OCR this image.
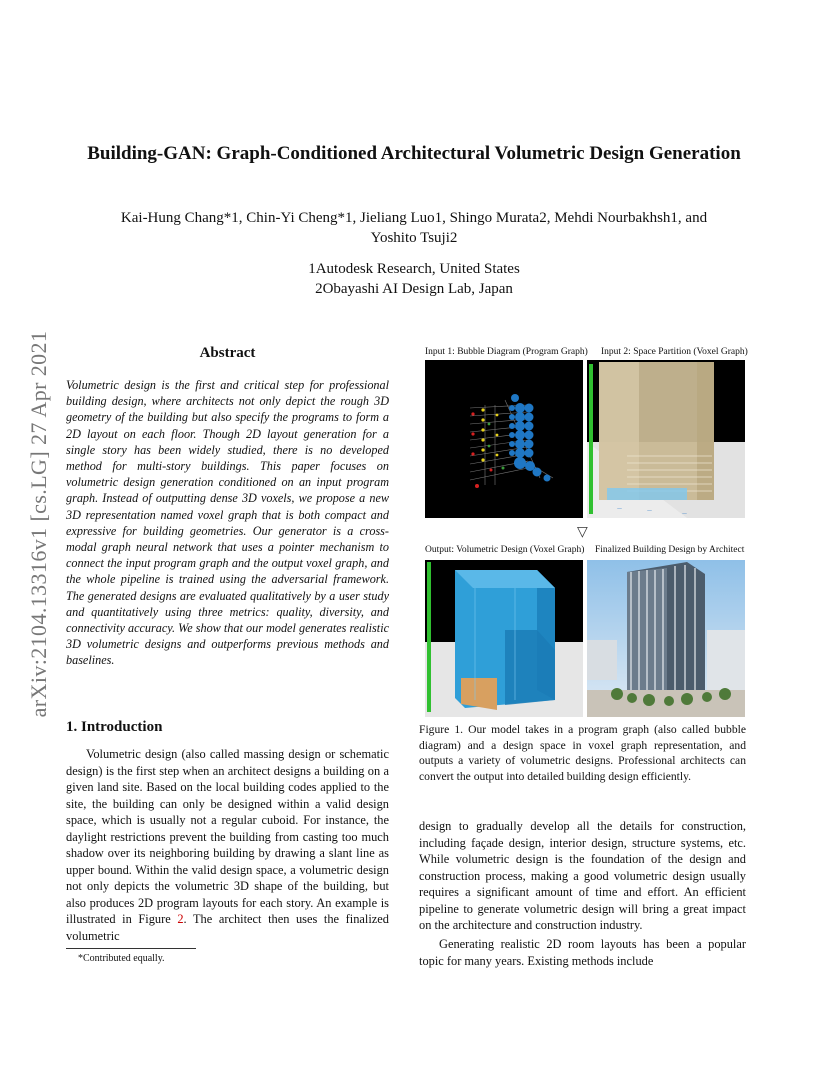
Building-GAN: Graph-Conditioned Architectural Volumetric Design Generation
Kai-Hung Chang*1, Chin-Yi Cheng*1, Jieliang Luo1, Shingo Murata2, Mehdi Nourbakhsh1, and
Yoshito Tsuji2
1Autodesk Research, United States
2Obayashi AI Design Lab, Japan
arXiv:2104.13316v1 [cs.LG] 27 Apr 2021	Abstract
Volumetric design is the first and critical step for professional building design, where architects not only depict the rough 3D geometry of the building but also specify the programs to form a 2D layout on each floor. Though 2D layout generation for a single story has been widely studied, there is no developed method for multi-story buildings. This paper focuses on volumetric design generation conditioned on an input program graph. Instead of outputting dense 3D voxels, we propose a new 3D representation named voxel graph that is both compact and expressive for building geometries. Our generator is a cross-modal graph neural network that uses a pointer mechanism to connect the input program graph and the output voxel graph, and the whole pipeline is trained using the adversarial framework. The generated designs are evaluated qualitatively by a user study and quantitatively using three metrics: quality, diversity, and connectivity accuracy. We show that our model generates realistic 3D volumetric designs and outperforms previous methods and baselines.
1. Introduction
Volumetric design (also called massing design or schematic design) is the first step when an architect designs a building on a given land site. Based on the local building codes applied to the site, the building can only be designed within a valid design space, which is usually not a regular cuboid. For instance, the daylight restrictions prevent the building from casting too much shadow over its neighboring building by drawing a slant line as upper bound. Within the valid design space, a volumetric design not only depicts the volumetric 3D shape of the building, but also produces 2D program layouts for each story. An example is illustrated in Figure 2. The architect then uses the finalized volumetric
*Contributed equally.
Input 1: Bubble Diagram (Program Graph) Input 2: Space Partition (Voxel Graph)
—	—	—
▽
Output: Volumetric Design (Voxel Graph) Finalized Building Design by Architect
Figure 1. Our model takes in a program graph (also called bubble diagram) and a design space in voxel graph representation, and outputs a variety of volumetric designs. Professional architects can convert the output into detailed building design efficiently.
design to gradually develop all the details for construction, including façade design, interior design, structure systems, etc. While volumetric design is the foundation of the design and construction process, making a good volumetric design usually requires a significant amount of time and effort. An efficient pipeline to generate volumetric design will bring a great impact on the architecture and construction industry.
Generating realistic 2D room layouts has been a popular topic for many years. Existing methods include
